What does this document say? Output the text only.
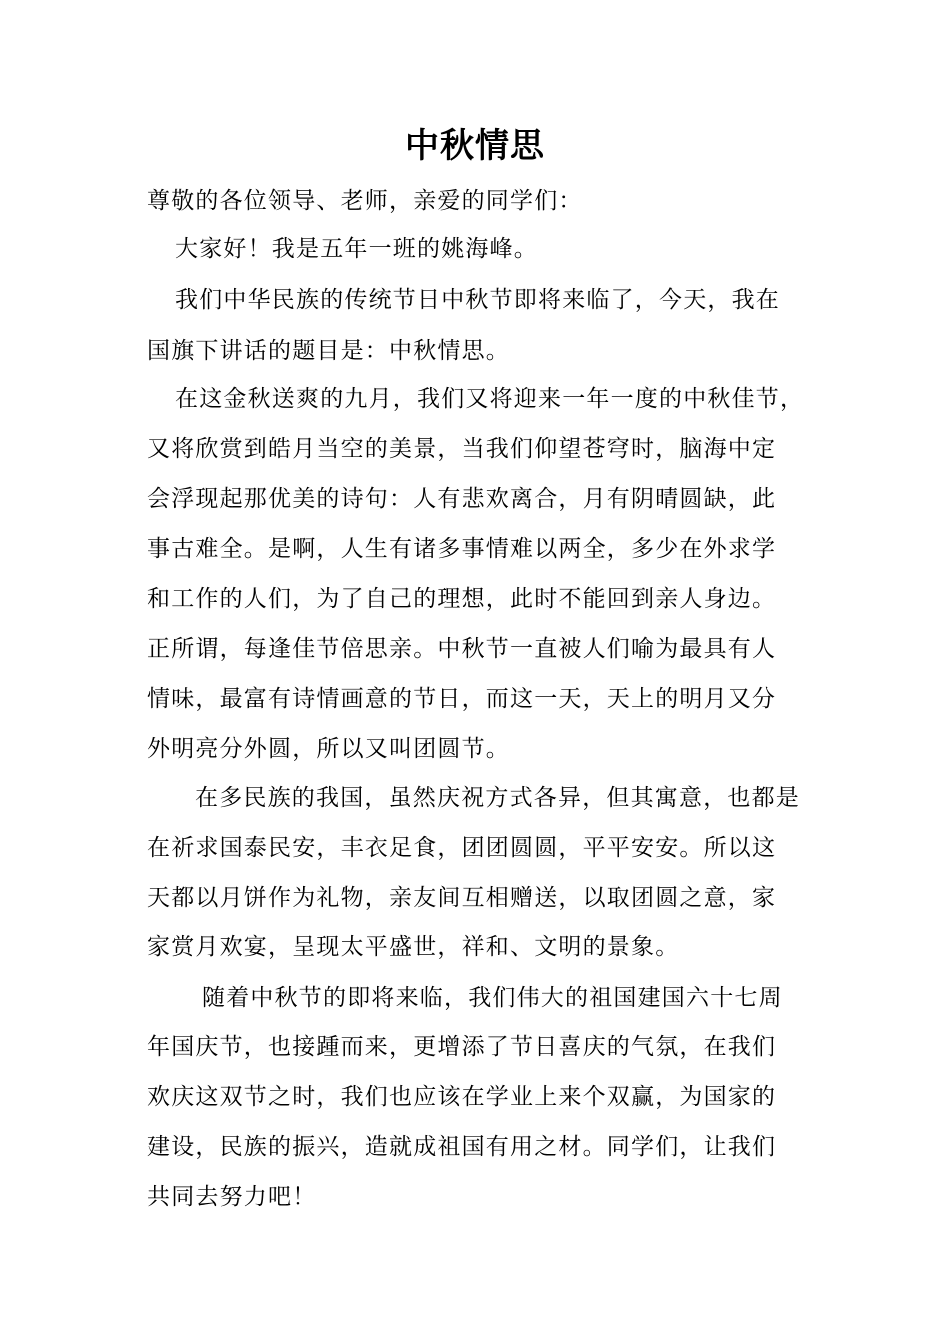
中秋情思
尊敬的各位领导、老师，亲爱的同学们：
大家好！我是五年一班的姚海峰。
我们中华民族的传统节日中秋节即将来临了，今天，我在
国旗下讲话的题目是：中秋情思。
在这金秋送爽的九月，我们又将迎来一年一度的中秋佳节，
又将欣赏到皓月当空的美景，当我们仰望苍穹时，脑海中定
会浮现起那优美的诗句：人有悲欢离合，月有阴晴圆缺，此
事古难全。是啊，人生有诸多事情难以两全，多少在外求学
和工作的人们，为了自己的理想，此时不能回到亲人身边。
正所谓，每逢佳节倍思亲。中秋节一直被人们喻为最具有人
情味，最富有诗情画意的节日，而这一天，天上的明月又分
外明亮分外圆，所以又叫团圆节。
在多民族的我国，虽然庆祝方式各异，但其寓意，也都是
在祈求国泰民安，丰衣足食，团团圆圆，平平安安。所以这
天都以月饼作为礼物，亲友间互相赠送，以取团圆之意，家
家赏月欢宴，呈现太平盛世，祥和、文明的景象。
随着中秋节的即将来临，我们伟大的祖国建国六十七周
年国庆节，也接踵而来，更增添了节日喜庆的气氛，在我们
欢庆这双节之时，我们也应该在学业上来个双赢，为国家的
建设，民族的振兴，造就成祖国有用之材。同学们，让我们
共同去努力吧！
